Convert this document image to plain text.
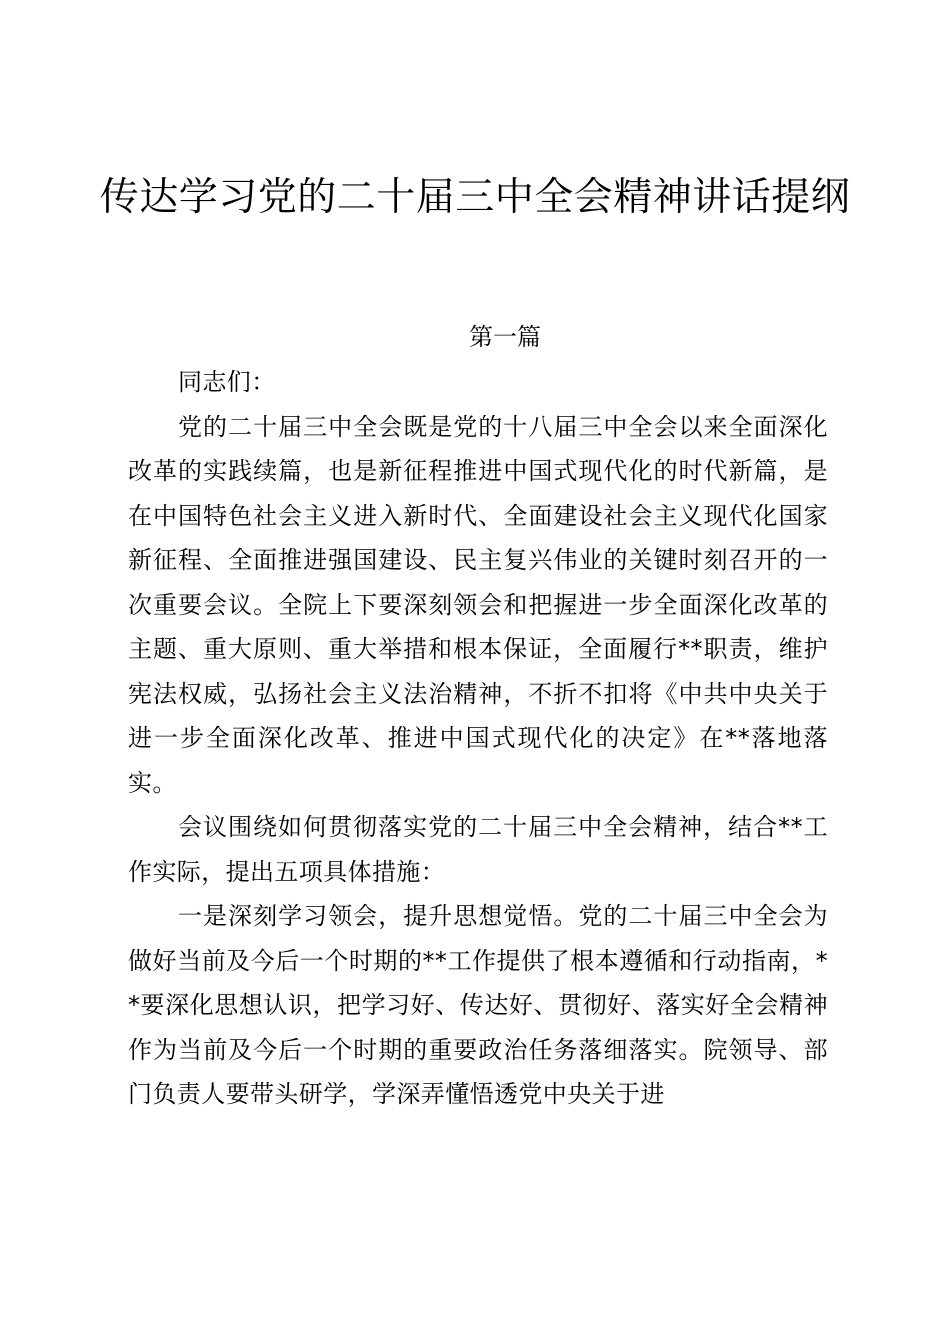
传达学习党的二十届三中全会精神讲话提纲
第一篇

同志们：

党的二十届三中全会既是党的十八届三中全会以来全面深化改革的实践续篇，也是新征程推进中国式现代化的时代新篇，是在中国特色社会主义进入新时代、全面建设社会主义现代化国家新征程、全面推进强国建设、民主复兴伟业的关键时刻召开的一次重要会议。全院上下要深刻领会和把握进一步全面深化改革的主题、重大原则、重大举措和根本保证，全面履行**职责，维护宪法权威，弘扬社会主义法治精神，不折不扣将《中共中央关于进一步全面深化改革、推进中国式现代化的决定》在**落地落实。

会议围绕如何贯彻落实党的二十届三中全会精神，结合**工作实际，提出五项具体措施：

一是深刻学习领会，提升思想觉悟。党的二十届三中全会为做好当前及今后一个时期的**工作提供了根本遵循和行动指南，**要深化思想认识，把学习好、传达好、贯彻好、落实好全会精神作为当前及今后一个时期的重要政治任务落细落实。院领导、部门负责人要带头研学，学深弄懂悟透党中央关于进
